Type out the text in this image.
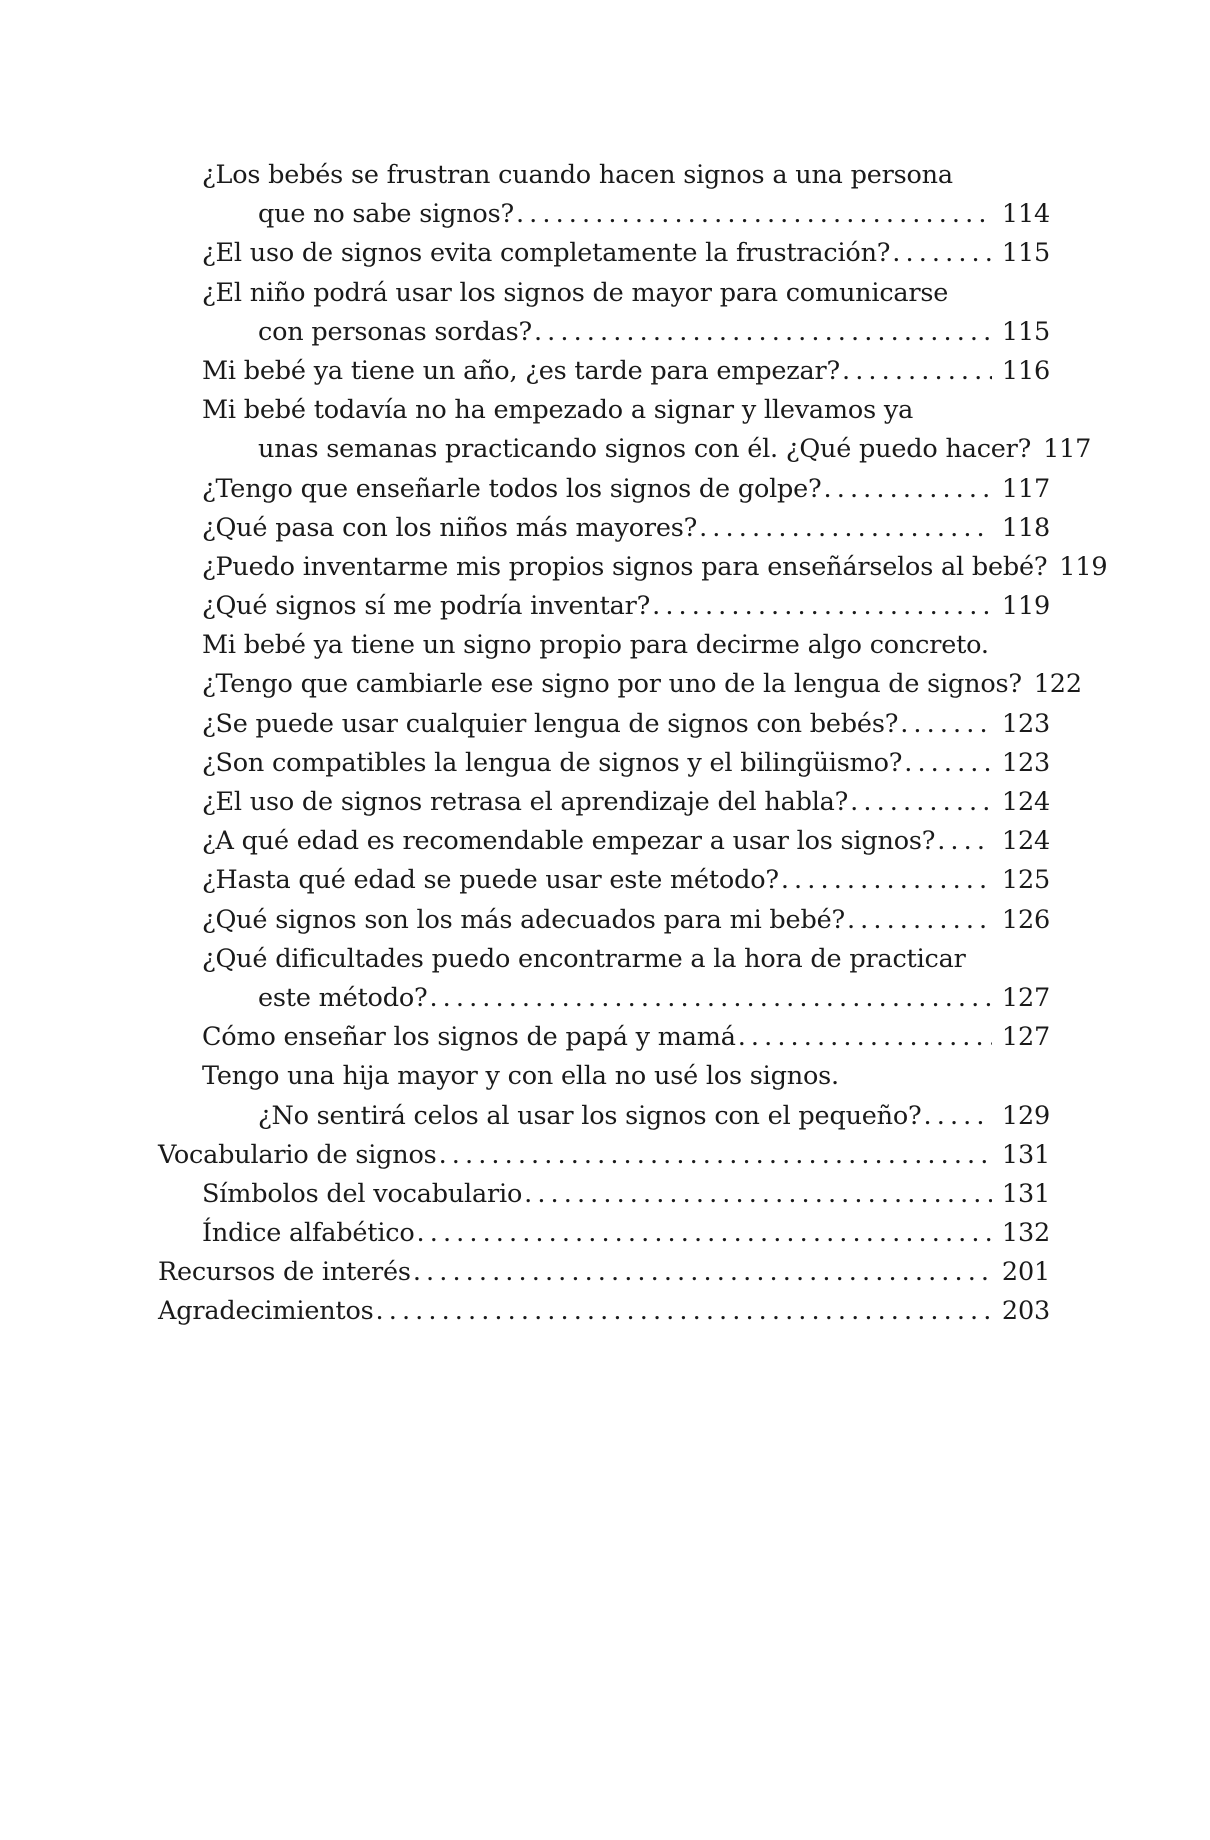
¿Los bebés se frustran cuando hacen signos a una persona
que no sabe signos? . . .	114
¿El uso de signos evita completamente la frustración? . . .	115
¿El niño podrá usar los signos de mayor para comunicarse
con personas sordas? . . .	115
Mi bebé ya tiene un año, ¿es tarde para empezar? . . .	116
Mi bebé todavía no ha empezado a signar y llevamos ya
unas semanas practicando signos con él. ¿Qué puedo hacer? 117
¿Tengo que enseñarle todos los signos de golpe? . . .	117
¿Qué pasa con los niños más mayores? . . .	118
¿Puedo inventarme mis propios signos para enseñárselos al bebé? 119
¿Qué signos sí me podría inventar? . . .	119
Mi bebé ya tiene un signo propio para decirme algo concreto.
¿Tengo que cambiarle ese signo por uno de la lengua de signos? 122
¿Se puede usar cualquier lengua de signos con bebés? . . .	123
¿Son compatibles la lengua de signos y el bilingüismo? . . .	123
¿El uso de signos retrasa el aprendizaje del habla? . . .	124
¿A qué edad es recomendable empezar a usar los signos? . . .	124
¿Hasta qué edad se puede usar este método? . . .	125
¿Qué signos son los más adecuados para mi bebé? . . .	126
¿Qué dificultades puedo encontrarme a la hora de practicar
este método? . . .	127
Cómo enseñar los signos de papá y mamá . . .	127
Tengo una hija mayor y con ella no usé los signos.
¿No sentirá celos al usar los signos con el pequeño? . . .	129
Vocabulario de signos . . .	131
Símbolos del vocabulario . . .	131
Índice alfabético . . .	132
Recursos de interés . . .	201
Agradecimientos . . .	203
